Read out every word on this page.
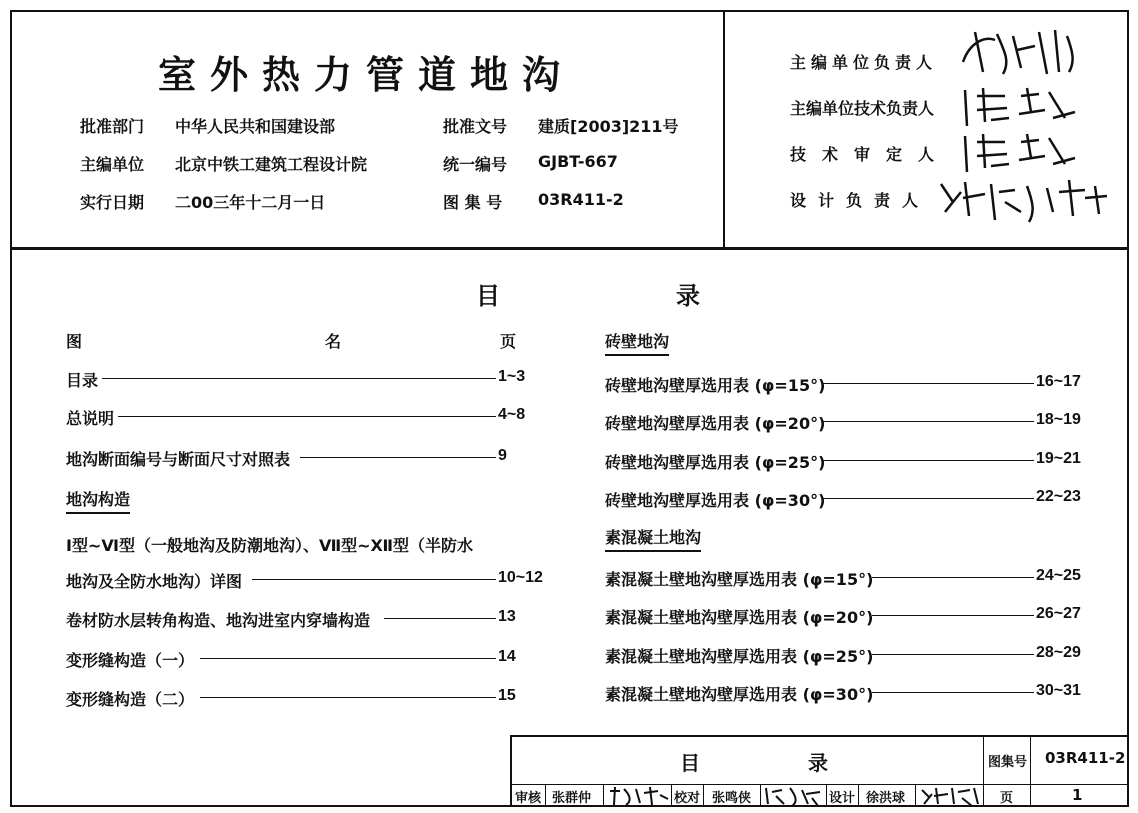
室外热力管道地沟
批准部门 中华人民共和国建设部	批准文号 建质[2003]211号
主编单位 北京中铁工建筑工程设计院	统一编号 GJBT-667
实行日期 二00三年十二月一日	图 集 号 03R411-2
主编单位负责人
主编单位技术负责人
技术审定人
设计负责人
目	录
图	名	页
目录	1~3
总说明	4~8
地沟断面编号与断面尺寸对照表	9
地沟构造
Ⅰ型~Ⅵ型（一般地沟及防潮地沟）、Ⅶ型~Ⅻ型（半防水
地沟及全防水地沟）详图	10~12
卷材防水层转角构造、地沟进室内穿墙构造	13
变形缝构造（一）	14
变形缝构造（二）	15
砖壁地沟
砖壁地沟壁厚选用表 (φ=15°)	16~17
砖壁地沟壁厚选用表 (φ=20°)	18~19
砖壁地沟壁厚选用表 (φ=25°)	19~21
砖壁地沟壁厚选用表 (φ=30°)	22~23
素混凝土地沟
素混凝土壁地沟壁厚选用表 (φ=15°)	24~25
素混凝土壁地沟壁厚选用表 (φ=20°)	26~27
素混凝土壁地沟壁厚选用表 (φ=25°)	28~29
素混凝土壁地沟壁厚选用表 (φ=30°)	30~31
目	录	图集号 03R411-2
审核 张群仲	校对 张鸣侠	设计 徐洪球	页	1
